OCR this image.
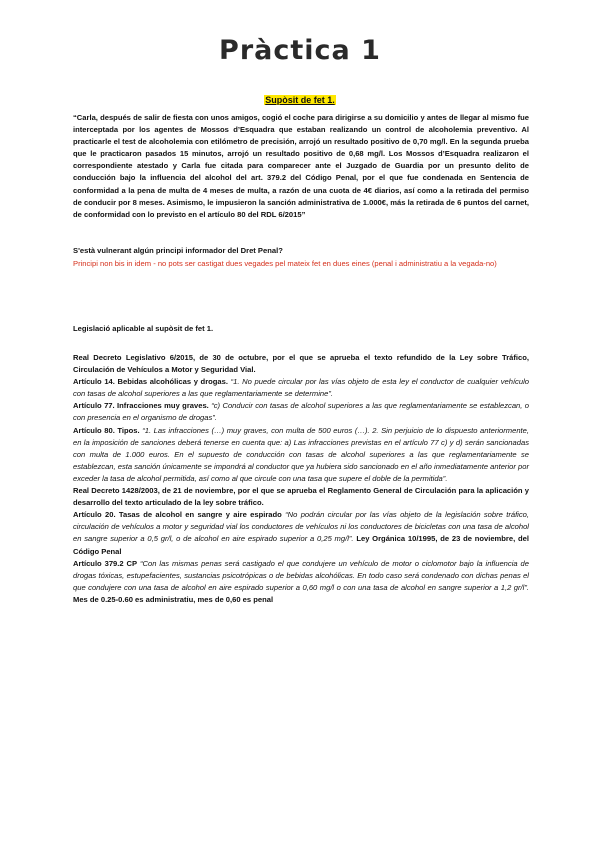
Pràctica 1

Supòsit de fet 1.

“Carla, después de salir de fiesta con unos amigos, cogió el coche para dirigirse a su domicilio y antes de llegar al mismo fue interceptada por los agentes de Mossos d’Esquadra que estaban realizando un control de alcoholemia preventivo. Al practicarle el test de alcoholemia con etilómetro de precisión, arrojó un resultado positivo de 0,70 mg/l. En la segunda prueba que le practicaron pasados 15 minutos, arrojó un resultado positivo de 0,68 mg/l. Los Mossos d’Esquadra realizaron el correspondiente atestado y Carla fue citada para comparecer ante el Juzgado de Guardia por un presunto delito de conducción bajo la influencia del alcohol del art. 379.2 del Código Penal, por el que fue condenada en Sentencia de conformidad a la pena de multa de 4 meses de multa, a razón de una cuota de 4€ diarios, así como a la retirada del permiso de conducir por 8 meses. Asimismo, le impusieron la sanción administrativa de 1.000€, más la retirada de 6 puntos del carnet, de conformidad con lo previsto en el artículo 80 del RDL 6/2015”

S'està vulnerant algún principi informador del Dret Penal?

Principi non bis in idem - no pots ser castigat dues vegades pel mateix fet en dues eines (penal i administratiu a la vegada-no)

Legislació aplicable al supòsit de fet 1.

Real Decreto Legislativo 6/2015, de 30 de octubre, por el que se aprueba el texto refundido de la Ley sobre Tráfico, Circulación de Vehículos a Motor y Seguridad Vial.
Artículo 14. Bebidas alcohólicas y drogas. “1. No puede circular por las vías objeto de esta ley el conductor de cualquier vehículo con tasas de alcohol superiores a las que reglamentariamente se determine”.
Artículo 77. Infracciones muy graves. “c) Conducir con tasas de alcohol superiores a las que reglamentariamente se establezcan, o con presencia en el organismo de drogas”.
Artículo 80. Tipos. “1. Las infracciones (…) muy graves, con multa de 500 euros (…). 2. Sin perjuicio de lo dispuesto anteriormente, en la imposición de sanciones deberá tenerse en cuenta que: a) Las infracciones previstas en el artículo 77 c) y d) serán sancionadas con multa de 1.000 euros. En el supuesto de conducción con tasas de alcohol superiores a las que reglamentariamente se establezcan, esta sanción únicamente se impondrá al conductor que ya hubiera sido sancionado en el año inmediatamente anterior por exceder la tasa de alcohol permitida, así como al que circule con una tasa que supere el doble de la permitida”.
Real Decreto 1428/2003, de 21 de noviembre, por el que se aprueba el Reglamento General de Circulación para la aplicación y desarrollo del texto articulado de la ley sobre tráfico.
Artículo 20. Tasas de alcohol en sangre y aire espirado “No podrán circular por las vías objeto de la legislación sobre tráfico, circulación de vehículos a motor y seguridad vial los conductores de vehículos ni los conductores de bicicletas con una tasa de alcohol en sangre superior a 0,5 gr/l, o de alcohol en aire espirado superior a 0,25 mg/l”. Ley Orgánica 10/1995, de 23 de noviembre, del Código Penal
Artículo 379.2 CP “Con las mismas penas será castigado el que condujere un vehículo de motor o ciclomotor bajo la influencia de drogas tóxicas, estupefacientes, sustancias psicotrópicas o de bebidas alcohólicas. En todo caso será condenado con dichas penas el que condujere con una tasa de alcohol en aire espirado superior a 0,60 mg/l o con una tasa de alcohol en sangre superior a 1,2 gr/l”. Mes de 0.25-0.60 es administratiu, mes de 0,60 es penal
